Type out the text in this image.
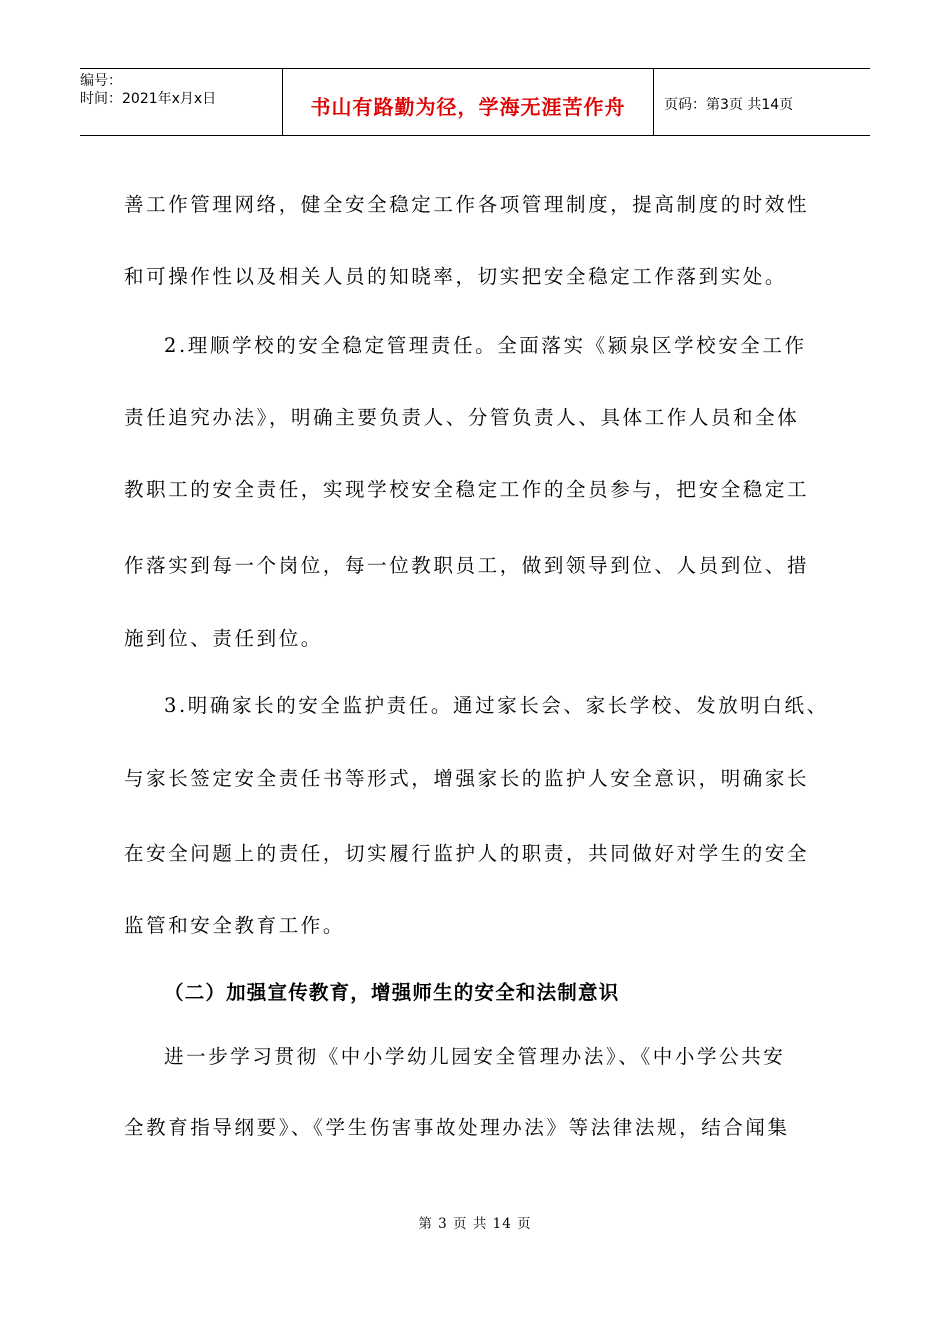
编号：
时间：2021年x月x日	书山有路勤为径，学海无涯苦作舟	页码：第3页 共14页
善工作管理网络，健全安全稳定工作各项管理制度，提高制度的时效性
和可操作性以及相关人员的知晓率，切实把安全稳定工作落到实处。
2.理顺学校的安全稳定管理责任。全面落实《颍泉区学校安全工作
责任追究办法》，明确主要负责人、分管负责人、具体工作人员和全体
教职工的安全责任，实现学校安全稳定工作的全员参与，把安全稳定工
作落实到每一个岗位，每一位教职员工，做到领导到位、人员到位、措
施到位、责任到位。
3.明确家长的安全监护责任。通过家长会、家长学校、发放明白纸、
与家长签定安全责任书等形式，增强家长的监护人安全意识，明确家长
在安全问题上的责任，切实履行监护人的职责，共同做好对学生的安全
监管和安全教育工作。
（二）加强宣传教育，增强师生的安全和法制意识
进一步学习贯彻《中小学幼儿园安全管理办法》、《中小学公共安
全教育指导纲要》、《学生伤害事故处理办法》等法律法规，结合闻集
第 3 页 共 14 页
